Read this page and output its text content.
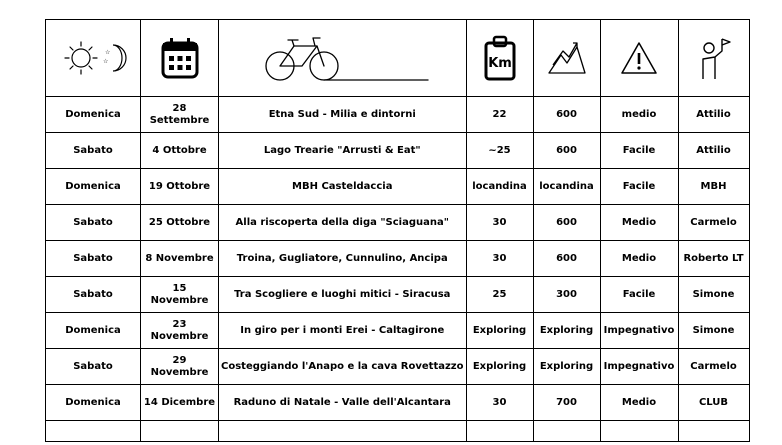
☆
☆			Km

Domenica	28 Settembre	Etna Sud - Milia e dintorni	22	600	medio	Attilio
Sabato	4 Ottobre	Lago Trearie "Arrusti & Eat"	~25	600	Facile	Attilio
Domenica	19 Ottobre	MBH Casteldaccia	locandina	locandina	Facile	MBH
Sabato	25 Ottobre	Alla riscoperta della diga "Sciaguana"	30	600	Medio	Carmelo
Sabato	8 Novembre	Troina, Gugliatore, Cunnulino, Ancipa	30	600	Medio	Roberto LT
Sabato	15 Novembre	Tra Scogliere e luoghi mitici - Siracusa	25	300	Facile	Simone
Domenica	23 Novembre	In giro per i monti Erei - Caltagirone	Exploring	Exploring	Impegnativo	Simone
Sabato	29 Novembre	Costeggiando l'Anapo e la cava Rovettazzo	Exploring	Exploring	Impegnativo	Carmelo
Domenica	14 Dicembre	Raduno di Natale - Valle dell'Alcantara	30	700	Medio	CLUB
